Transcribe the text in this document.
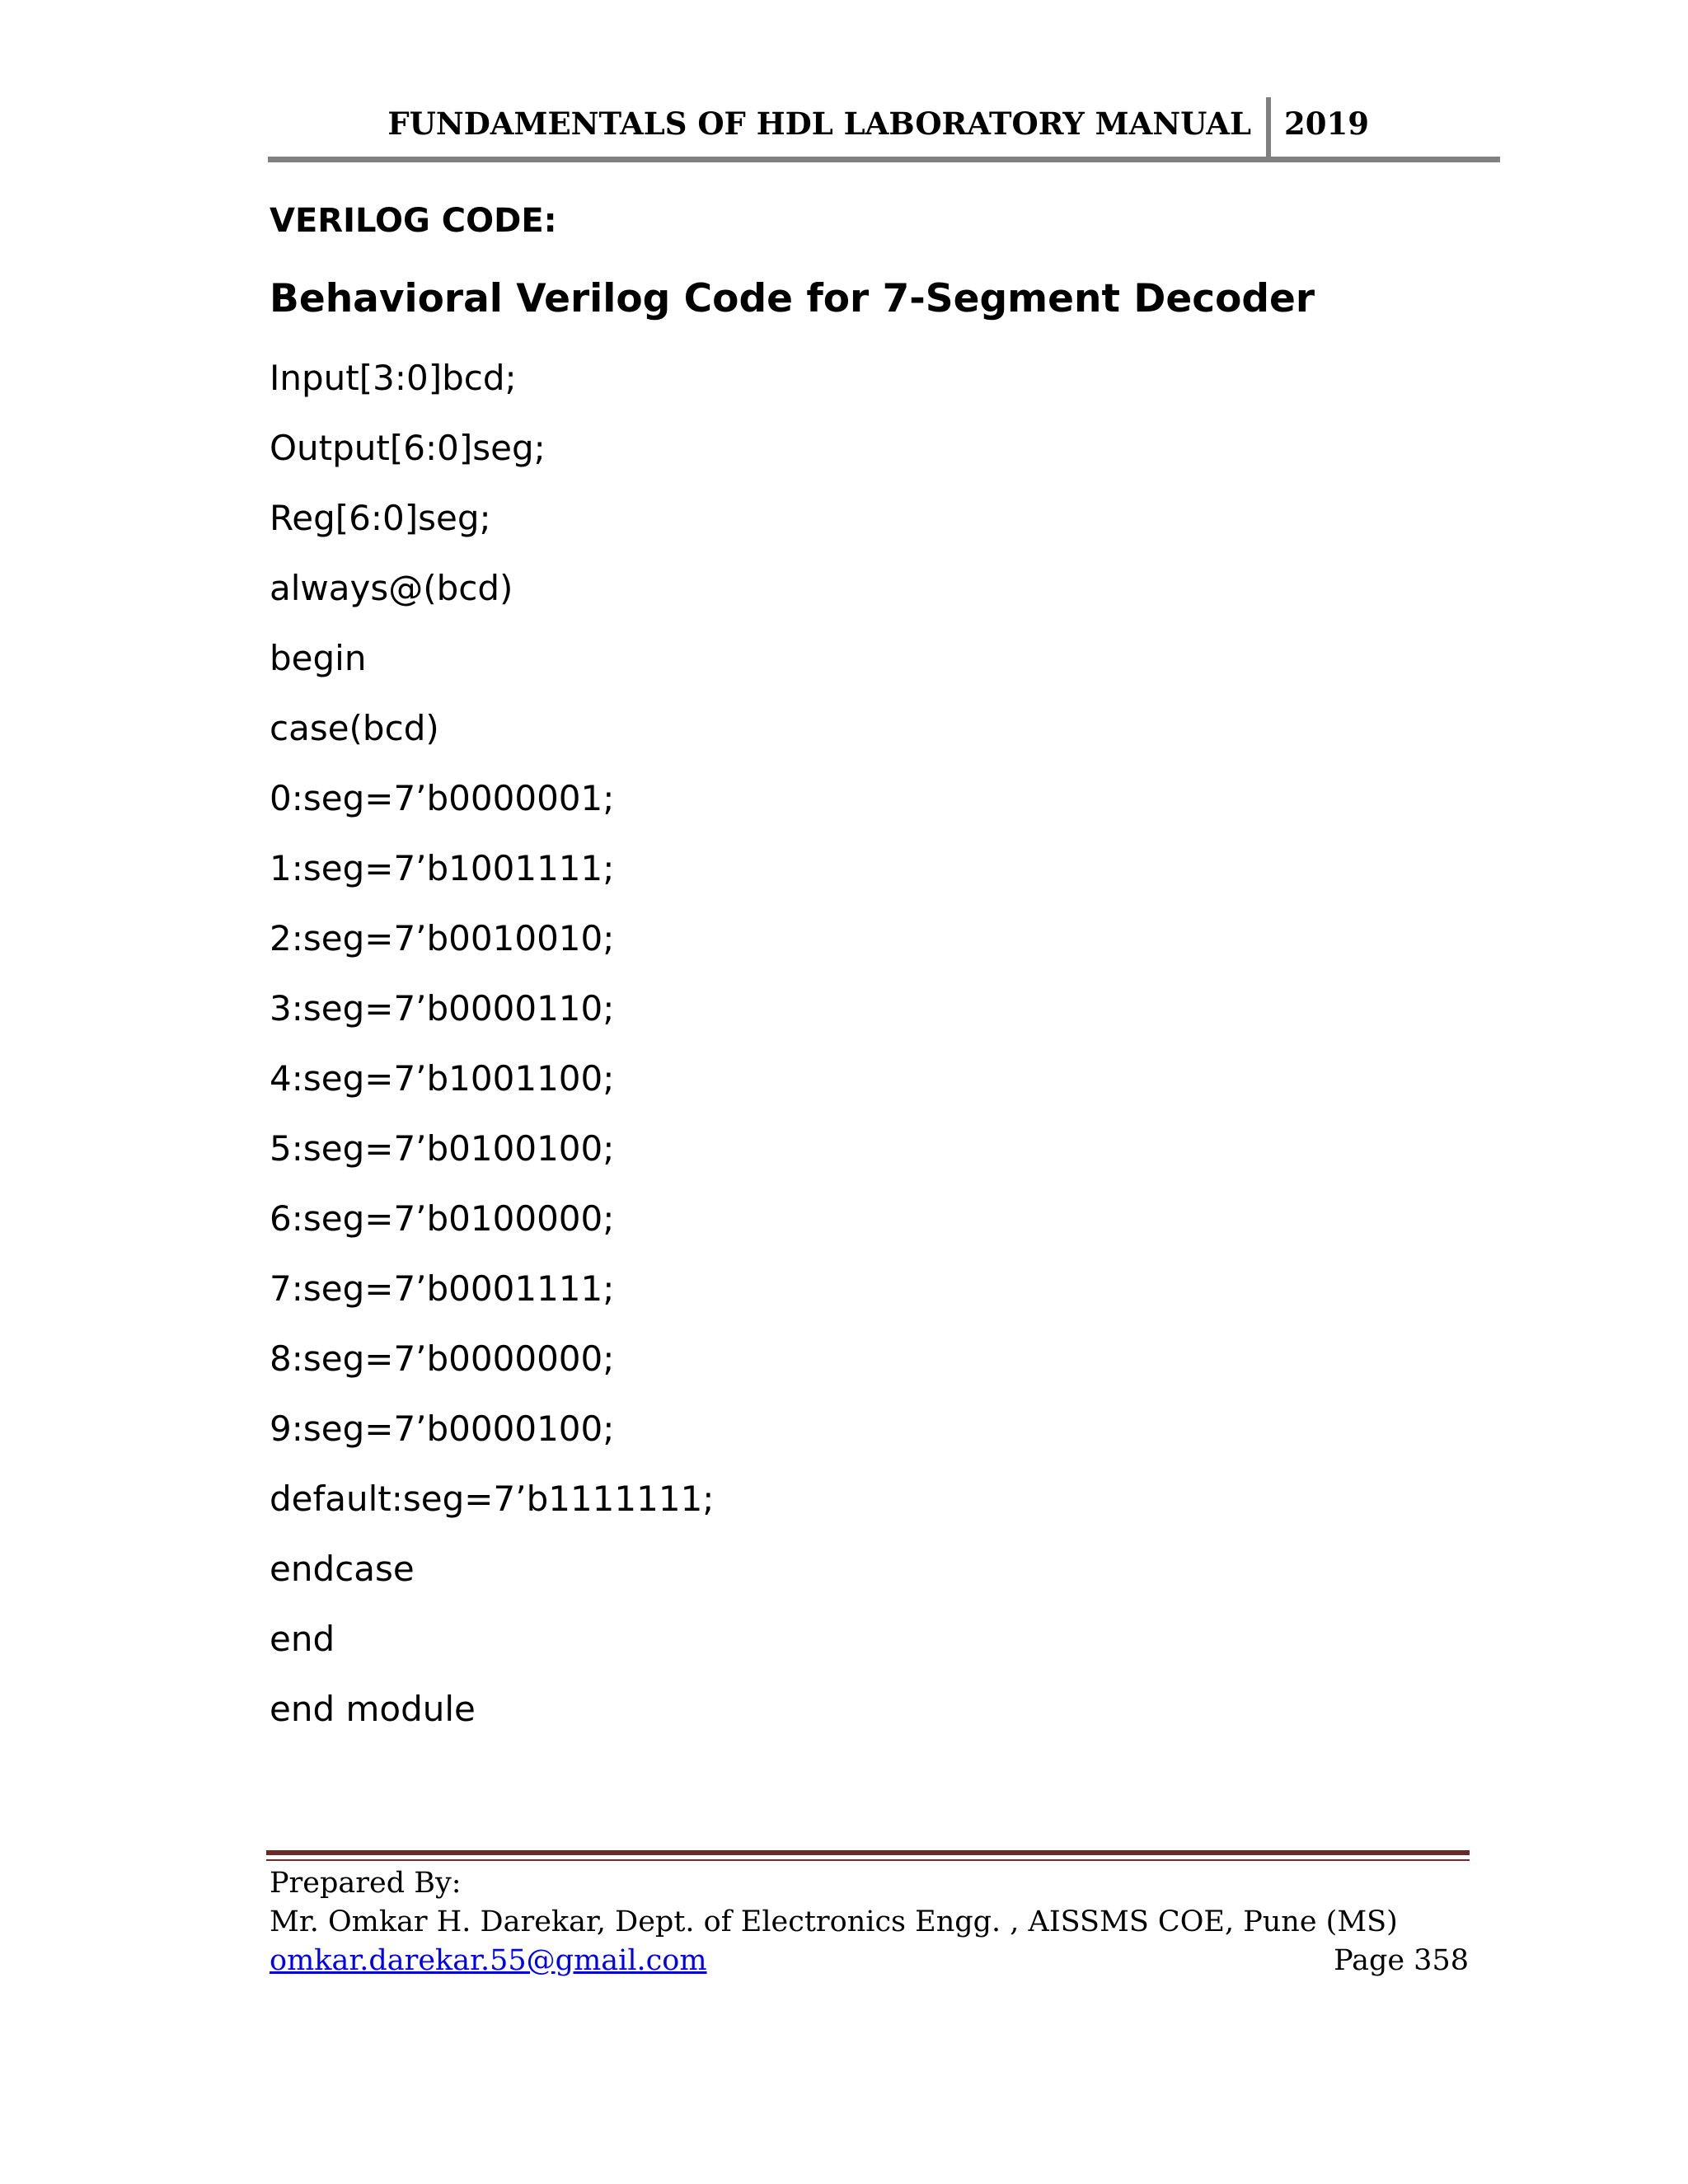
FUNDAMENTALS OF HDL LABORATORY MANUAL 2019
VERILOG CODE:
Behavioral Verilog Code for 7-Segment Decoder
Input[3:0]bcd;
Output[6:0]seg;
Reg[6:0]seg;
always@(bcd)
begin
case(bcd)
0:seg=7’b0000001;
1:seg=7’b1001111;
2:seg=7’b0010010;
3:seg=7’b0000110;
4:seg=7’b1001100;
5:seg=7’b0100100;
6:seg=7’b0100000;
7:seg=7’b0001111;
8:seg=7’b0000000;
9:seg=7’b0000100;
default:seg=7’b1111111;
endcase
end
end module
Prepared By:
Mr. Omkar H. Darekar, Dept. of Electronics Engg. , AISSMS COE, Pune (MS)
omkar.darekar.55@gmail.com	Page 358
